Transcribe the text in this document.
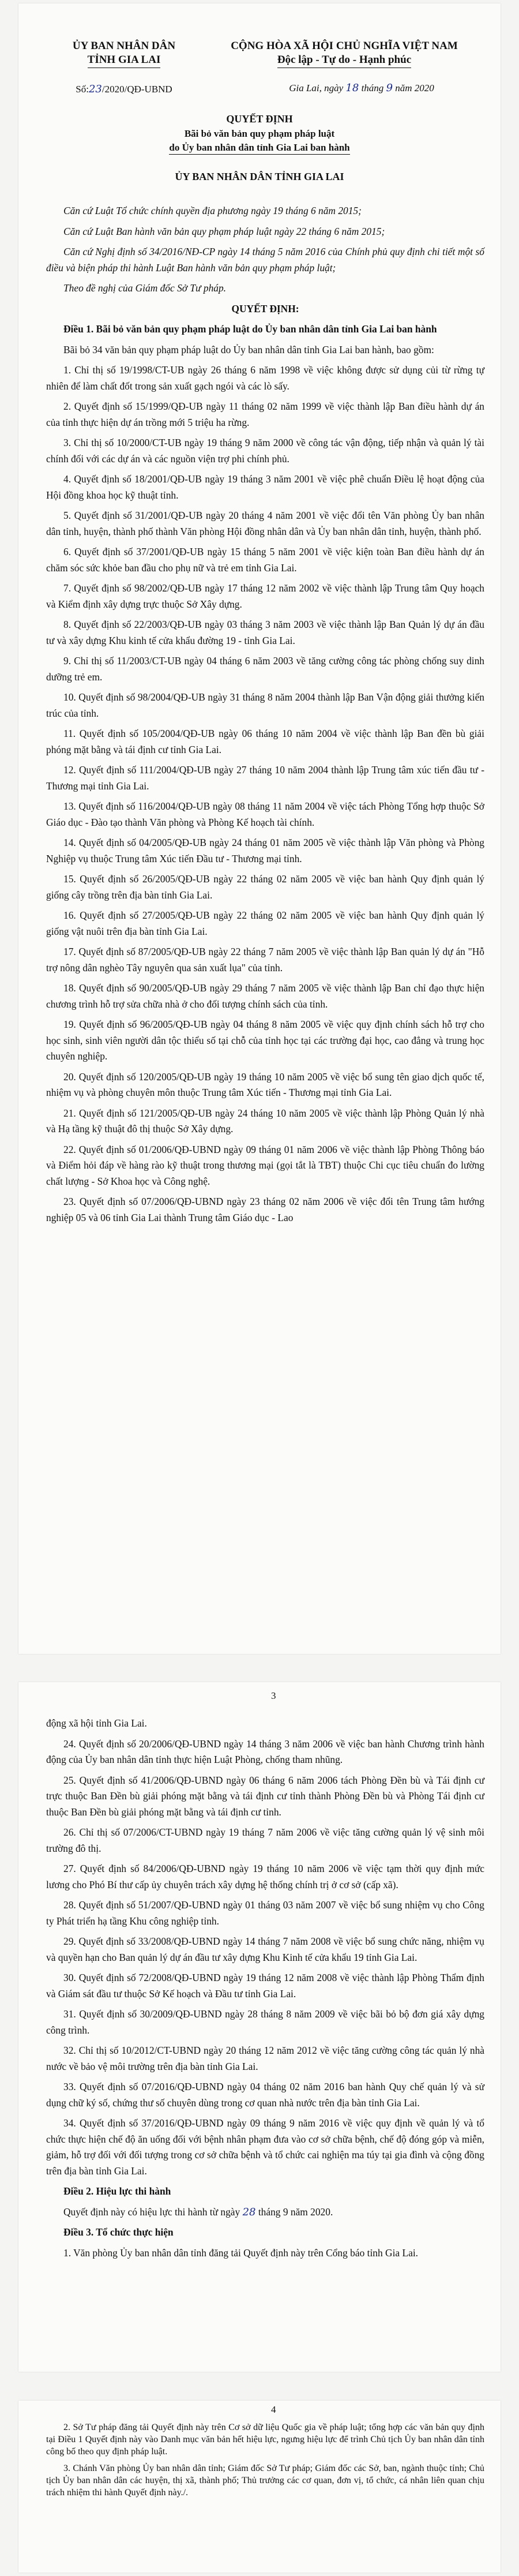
ỦY BAN NHÂN DÂN
TỈNH GIA LAI
CỘNG HÒA XÃ HỘI CHỦ NGHĨA VIỆT NAM
Độc lập - Tự do - Hạnh phúc
Số:23/2020/QĐ-UBND	Gia Lai, ngày 18 tháng 9 năm 2020
QUYẾT ĐỊNH
Bãi bỏ văn bản quy phạm pháp luật
do Ủy ban nhân dân tỉnh Gia Lai ban hành
ỦY BAN NHÂN DÂN TỈNH GIA LAI

Căn cứ Luật Tổ chức chính quyền địa phương ngày 19 tháng 6 năm 2015;

Căn cứ Luật Ban hành văn bản quy phạm pháp luật ngày 22 tháng 6 năm 2015;

Căn cứ Nghị định số 34/2016/NĐ-CP ngày 14 tháng 5 năm 2016 của Chính phủ quy định chi tiết một số điều và biện pháp thi hành Luật Ban hành văn bản quy phạm pháp luật;

Theo đề nghị của Giám đốc Sở Tư pháp.

QUYẾT ĐỊNH:

Điều 1. Bãi bỏ văn bản quy phạm pháp luật do Ủy ban nhân dân tỉnh Gia Lai ban hành

Bãi bỏ 34 văn bản quy phạm pháp luật do Ủy ban nhân dân tỉnh Gia Lai ban hành, bao gồm:

1. Chỉ thị số 19/1998/CT-UB ngày 26 tháng 6 năm 1998 về việc không được sử dụng củi từ rừng tự nhiên để làm chất đốt trong sản xuất gạch ngói và các lò sấy.

2. Quyết định số 15/1999/QĐ-UB ngày 11 tháng 02 năm 1999 về việc thành lập Ban điều hành dự án của tỉnh thực hiện dự án trồng mới 5 triệu ha rừng.

3. Chỉ thị số 10/2000/CT-UB ngày 19 tháng 9 năm 2000 về công tác vận động, tiếp nhận và quản lý tài chính đối với các dự án và các nguồn viện trợ phi chính phủ.

4. Quyết định số 18/2001/QĐ-UB ngày 19 tháng 3 năm 2001 về việc phê chuẩn Điều lệ hoạt động của Hội đồng khoa học kỹ thuật tỉnh.

5. Quyết định số 31/2001/QĐ-UB ngày 20 tháng 4 năm 2001 về việc đổi tên Văn phòng Ủy ban nhân dân tỉnh, huyện, thành phố thành Văn phòng Hội đồng nhân dân và Ủy ban nhân dân tỉnh, huyện, thành phố.

6. Quyết định số 37/2001/QĐ-UB ngày 15 tháng 5 năm 2001 về việc kiện toàn Ban điều hành dự án chăm sóc sức khỏe ban đầu cho phụ nữ và trẻ em tỉnh Gia Lai.

7. Quyết định số 98/2002/QĐ-UB ngày 17 tháng 12 năm 2002 về việc thành lập Trung tâm Quy hoạch và Kiểm định xây dựng trực thuộc Sở Xây dựng.

8. Quyết định số 22/2003/QĐ-UB ngày 03 tháng 3 năm 2003 về việc thành lập Ban Quản lý dự án đầu tư và xây dựng Khu kinh tế cửa khẩu đường 19 - tỉnh Gia Lai.

9. Chỉ thị số 11/2003/CT-UB ngày 04 tháng 6 năm 2003 về tăng cường công tác phòng chống suy dinh dưỡng trẻ em.

10. Quyết định số 98/2004/QĐ-UB ngày 31 tháng 8 năm 2004 thành lập Ban Vận động giải thưởng kiến trúc của tỉnh.

11. Quyết định số 105/2004/QĐ-UB ngày 06 tháng 10 năm 2004 về việc thành lập Ban đền bù giải phóng mặt bằng và tái định cư tỉnh Gia Lai.

12. Quyết định số 111/2004/QĐ-UB ngày 27 tháng 10 năm 2004 thành lập Trung tâm xúc tiến đầu tư - Thương mại tỉnh Gia Lai.

13. Quyết định số 116/2004/QĐ-UB ngày 08 tháng 11 năm 2004 về việc tách Phòng Tổng hợp thuộc Sở Giáo dục - Đào tạo thành Văn phòng và Phòng Kế hoạch tài chính.

14. Quyết định số 04/2005/QĐ-UB ngày 24 tháng 01 năm 2005 về việc thành lập Văn phòng và Phòng Nghiệp vụ thuộc Trung tâm Xúc tiến Đầu tư - Thương mại tỉnh.

15. Quyết định số 26/2005/QĐ-UB ngày 22 tháng 02 năm 2005 về việc ban hành Quy định quản lý giống cây trồng trên địa bàn tỉnh Gia Lai.

16. Quyết định số 27/2005/QĐ-UB ngày 22 tháng 02 năm 2005 về việc ban hành Quy định quản lý giống vật nuôi trên địa bàn tỉnh Gia Lai.

17. Quyết định số 87/2005/QĐ-UB ngày 22 tháng 7 năm 2005 về việc thành lập Ban quản lý dự án "Hỗ trợ nông dân nghèo Tây nguyên qua sản xuất lụa" của tỉnh.

18. Quyết định số 90/2005/QĐ-UB ngày 29 tháng 7 năm 2005 về việc thành lập Ban chỉ đạo thực hiện chương trình hỗ trợ sửa chữa nhà ở cho đối tượng chính sách của tỉnh.

19. Quyết định số 96/2005/QĐ-UB ngày 04 tháng 8 năm 2005 về việc quy định chính sách hỗ trợ cho học sinh, sinh viên người dân tộc thiểu số tại chỗ của tỉnh học tại các trường đại học, cao đẳng và trung học chuyên nghiệp.

20. Quyết định số 120/2005/QĐ-UB ngày 19 tháng 10 năm 2005 về việc bổ sung tên giao dịch quốc tế, nhiệm vụ và phòng chuyên môn thuộc Trung tâm Xúc tiến - Thương mại tỉnh Gia Lai.

21. Quyết định số 121/2005/QĐ-UB ngày 24 tháng 10 năm 2005 về việc thành lập Phòng Quản lý nhà và Hạ tầng kỹ thuật đô thị thuộc Sở Xây dựng.

22. Quyết định số 01/2006/QĐ-UBND ngày 09 tháng 01 năm 2006 về việc thành lập Phòng Thông báo và Điểm hỏi đáp về hàng rào kỹ thuật trong thương mại (gọi tắt là TBT) thuộc Chi cục tiêu chuẩn đo lường chất lượng - Sở Khoa học và Công nghệ.

23. Quyết định số 07/2006/QĐ-UBND ngày 23 tháng 02 năm 2006 về việc đổi tên Trung tâm hướng nghiệp 05 và 06 tỉnh Gia Lai thành Trung tâm Giáo dục - Lao

3

động xã hội tỉnh Gia Lai.

24. Quyết định số 20/2006/QĐ-UBND ngày 14 tháng 3 năm 2006 về việc ban hành Chương trình hành động của Ủy ban nhân dân tỉnh thực hiện Luật Phòng, chống tham nhũng.

25. Quyết định số 41/2006/QĐ-UBND ngày 06 tháng 6 năm 2006 tách Phòng Đền bù và Tái định cư trực thuộc Ban Đền bù giải phóng mặt bằng và tái định cư tỉnh thành Phòng Đền bù và Phòng Tái định cư thuộc Ban Đền bù giải phóng mặt bằng và tái định cư tỉnh.

26. Chỉ thị số 07/2006/CT-UBND ngày 19 tháng 7 năm 2006 về việc tăng cường quản lý vệ sinh môi trường đô thị.

27. Quyết định số 84/2006/QĐ-UBND ngày 19 tháng 10 năm 2006 về việc tạm thời quy định mức lương cho Phó Bí thư cấp ủy chuyên trách xây dựng hệ thống chính trị ở cơ sở (cấp xã).

28. Quyết định số 51/2007/QĐ-UBND ngày 01 tháng 03 năm 2007 về việc bổ sung nhiệm vụ cho Công ty Phát triển hạ tầng Khu công nghiệp tỉnh.

29. Quyết định số 33/2008/QĐ-UBND ngày 14 tháng 7 năm 2008 về việc bổ sung chức năng, nhiệm vụ và quyền hạn cho Ban quản lý dự án đầu tư xây dựng Khu Kinh tế cửa khẩu 19 tỉnh Gia Lai.

30. Quyết định số 72/2008/QĐ-UBND ngày 19 tháng 12 năm 2008 về việc thành lập Phòng Thẩm định và Giám sát đầu tư thuộc Sở Kế hoạch và Đầu tư tỉnh Gia Lai.

31. Quyết định số 30/2009/QĐ-UBND ngày 28 tháng 8 năm 2009 về việc bãi bỏ bộ đơn giá xây dựng công trình.

32. Chỉ thị số 10/2012/CT-UBND ngày 20 tháng 12 năm 2012 về việc tăng cường công tác quản lý nhà nước về bảo vệ môi trường trên địa bàn tỉnh Gia Lai.

33. Quyết định số 07/2016/QĐ-UBND ngày 04 tháng 02 năm 2016 ban hành Quy chế quản lý và sử dụng chữ ký số, chứng thư số chuyên dùng trong cơ quan nhà nước trên địa bàn tỉnh Gia Lai.

34. Quyết định số 37/2016/QĐ-UBND ngày 09 tháng 9 năm 2016 về việc quy định về quản lý và tổ chức thực hiện chế độ ăn uống đối với bệnh nhân phạm đưa vào cơ sở chữa bệnh, chế độ đóng góp và miễn, giảm, hỗ trợ đối với đối tượng trong cơ sở chữa bệnh và tổ chức cai nghiện ma túy tại gia đình và cộng đồng trên địa bàn tỉnh Gia Lai.

Điều 2. Hiệu lực thi hành

Quyết định này có hiệu lực thi hành từ ngày 28 tháng 9 năm 2020.

Điều 3. Tổ chức thực hiện

1. Văn phòng Ủy ban nhân dân tỉnh đăng tải Quyết định này trên Cổng báo tỉnh Gia Lai.

4

2. Sở Tư pháp đăng tải Quyết định này trên Cơ sở dữ liệu Quốc gia về pháp luật; tổng hợp các văn bản quy định tại Điều 1 Quyết định này vào Danh mục văn bản hết hiệu lực, ngưng hiệu lực để trình Chủ tịch Ủy ban nhân dân tỉnh công bố theo quy định pháp luật.

3. Chánh Văn phòng Ủy ban nhân dân tỉnh; Giám đốc Sở Tư pháp; Giám đốc các Sở, ban, ngành thuộc tỉnh; Chủ tịch Ủy ban nhân dân các huyện, thị xã, thành phố; Thủ trưởng các cơ quan, đơn vị, tổ chức, cá nhân liên quan chịu trách nhiệm thi hành Quyết định này./.
